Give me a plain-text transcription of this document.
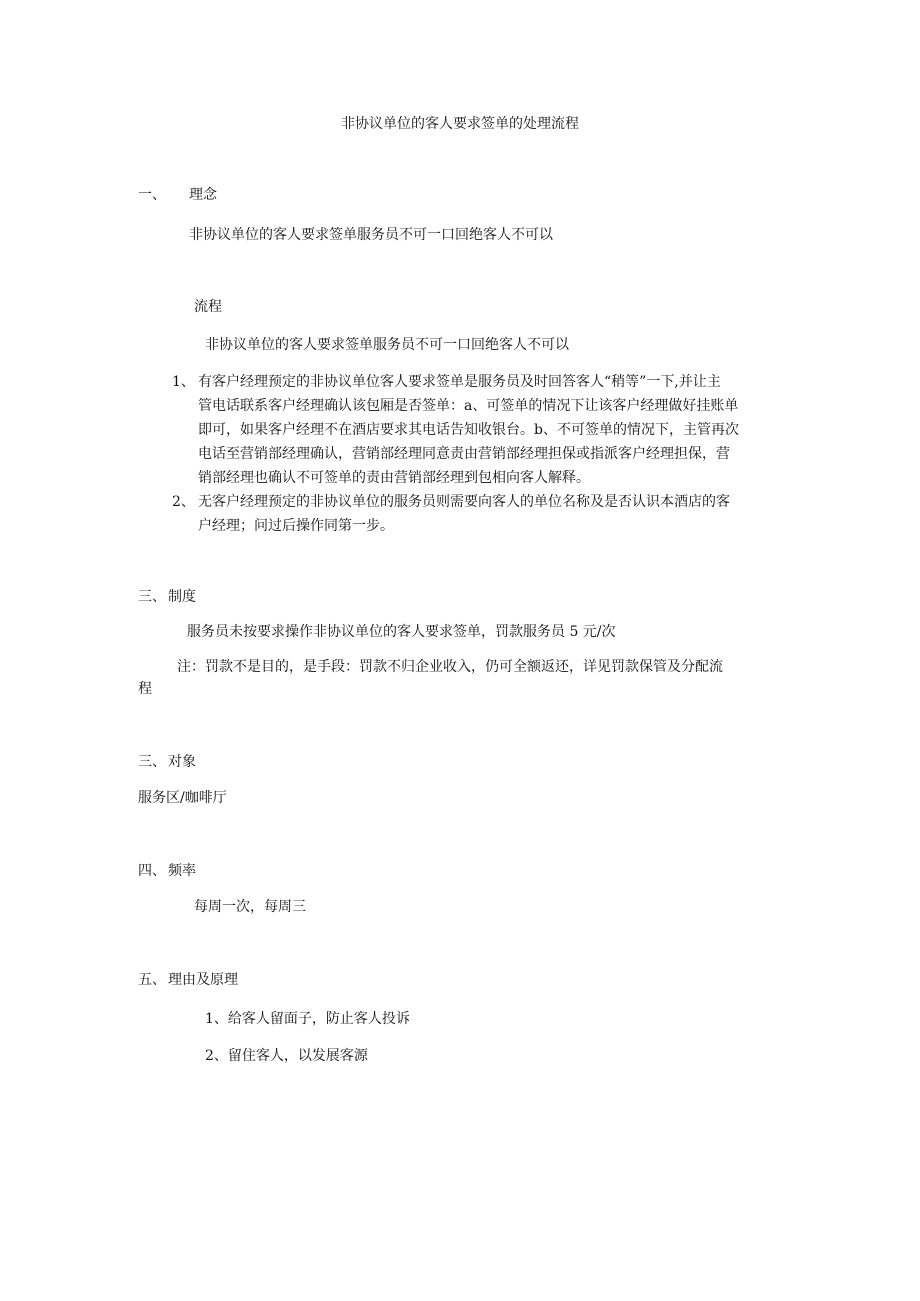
非协议单位的客人要求签单的处理流程
一、 理念
非协议单位的客人要求签单服务员不可一口回绝客人不可以
流程
非协议单位的客人要求签单服务员不可一口回绝客人不可以
1、 有客户经理预定的非协议单位客人要求签单是服务员及时回答客人“稍等”一下,并让主
管电话联系客户经理确认该包厢是否签单：a、可签单的情况下让该客户经理做好挂账单
即可，如果客户经理不在酒店要求其电话告知收银台。b、不可签单的情况下，主管再次
电话至营销部经理确认，营销部经理同意责由营销部经理担保或指派客户经理担保，营
销部经理也确认不可签单的责由营销部经理到包相向客人解释。
2、 无客户经理预定的非协议单位的服务员则需要向客人的单位名称及是否认识本酒店的客
户经理；问过后操作同第一步。
三、 制度
服务员未按要求操作非协议单位的客人要求签单，罚款服务员 5 元/次
注：罚款不是目的，是手段：罚款不归企业收入，仍可全额返还，详见罚款保管及分配流
程
三、 对象
服务区/咖啡厅
四、 频率
每周一次，每周三
五、 理由及原理
1、给客人留面子，防止客人投诉
2、留住客人，以发展客源
